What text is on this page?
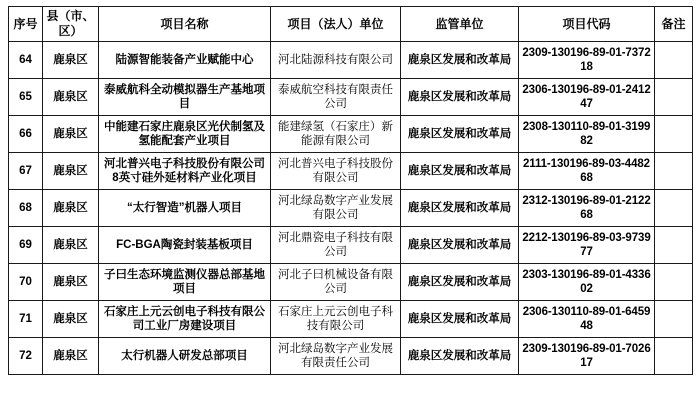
序号	县（市、区）	项目名称	项目（法人）单位	监管单位	项目代码	备注
64	鹿泉区	陆源智能装备产业赋能中心	河北陆源科技有限公司	鹿泉区发展和改革局	2309-130196-89-01-737218	
65	鹿泉区	泰威航科全动模拟器生产基地项目	泰威航空科技有限责任公司	鹿泉区发展和改革局	2306-130196-89-01-241247	
66	鹿泉区	中能建石家庄鹿泉区光伏制氢及氢能配套产业项目	能建绿氢（石家庄）新能源有限公司	鹿泉区发展和改革局	2308-130110-89-01-319982	
67	鹿泉区	河北普兴电子科技股份有限公司8英寸硅外延材料产业化项目	河北普兴电子科技股份有限公司	鹿泉区发展和改革局	2111-130196-89-03-448268	
68	鹿泉区	“太行智造”机器人项目	河北绿岛数字产业发展有限公司	鹿泉区发展和改革局	2312-130196-89-01-212268	
69	鹿泉区	FC-BGA陶瓷封装基板项目	河北鼎瓷电子科技有限公司	鹿泉区发展和改革局	2212-130196-89-03-973977	
70	鹿泉区	子曰生态环境监测仪器总部基地项目	河北子曰机械设备有限公司	鹿泉区发展和改革局	2303-130196-89-01-433602	
71	鹿泉区	石家庄上元云创电子科技有限公司工业厂房建设项目	石家庄上元云创电子科技有限公司	鹿泉区发展和改革局	2306-130110-89-01-645948	
72	鹿泉区	太行机器人研发总部项目	河北绿岛数字产业发展有限责任公司	鹿泉区发展和改革局	2309-130196-89-01-702617	
